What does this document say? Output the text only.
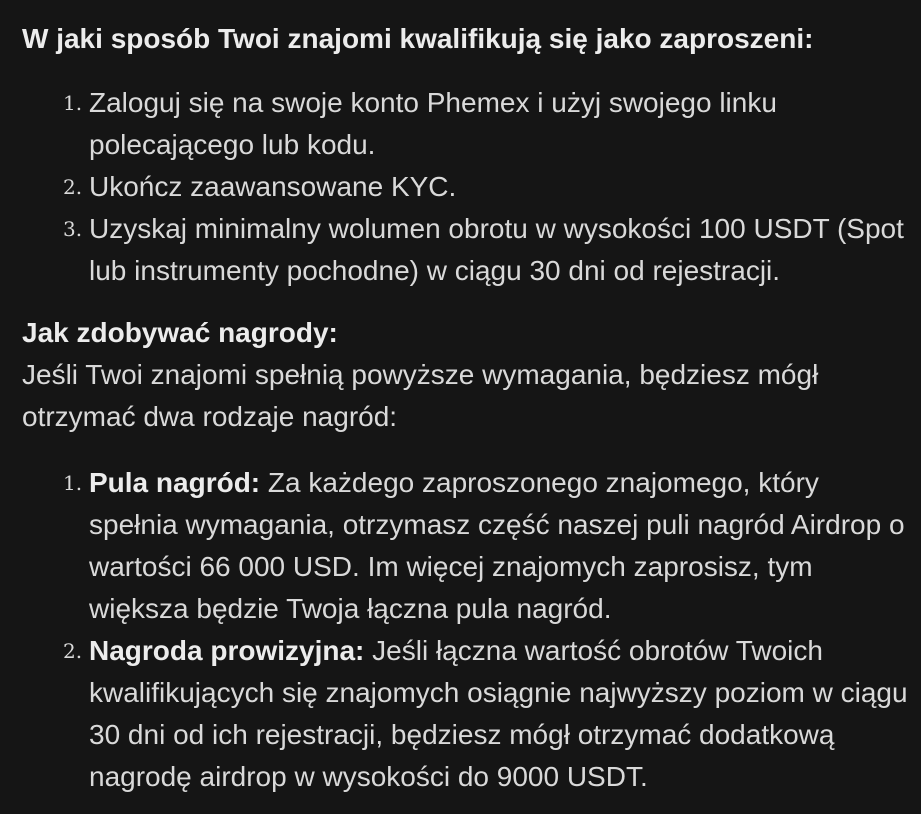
W jaki sposób Twoi znajomi kwalifikują się jako zaproszeni:

1. Zaloguj się na swoje konto Phemex i użyj swojego linku polecającego lub kodu.
2. Ukończ zaawansowane KYC.
3. Uzyskaj minimalny wolumen obrotu w wysokości 100 USDT (Spot lub instrumenty pochodne) w ciągu 30 dni od rejestracji.

Jak zdobywać nagrody:

Jeśli Twoi znajomi spełnią powyższe wymagania, będziesz mógł otrzymać dwa rodzaje nagród:

1. Pula nagród: Za każdego zaproszonego znajomego, który spełnia wymagania, otrzymasz część naszej puli nagród Airdrop o wartości 66 000 USD. Im więcej znajomych zaprosisz, tym większa będzie Twoja łączna pula nagród.
2. Nagroda prowizyjna: Jeśli łączna wartość obrotów Twoich kwalifikujących się znajomych osiągnie najwyższy poziom w ciągu 30 dni od ich rejestracji, będziesz mógł otrzymać dodatkową nagrodę airdrop w wysokości do 9000 USDT.
